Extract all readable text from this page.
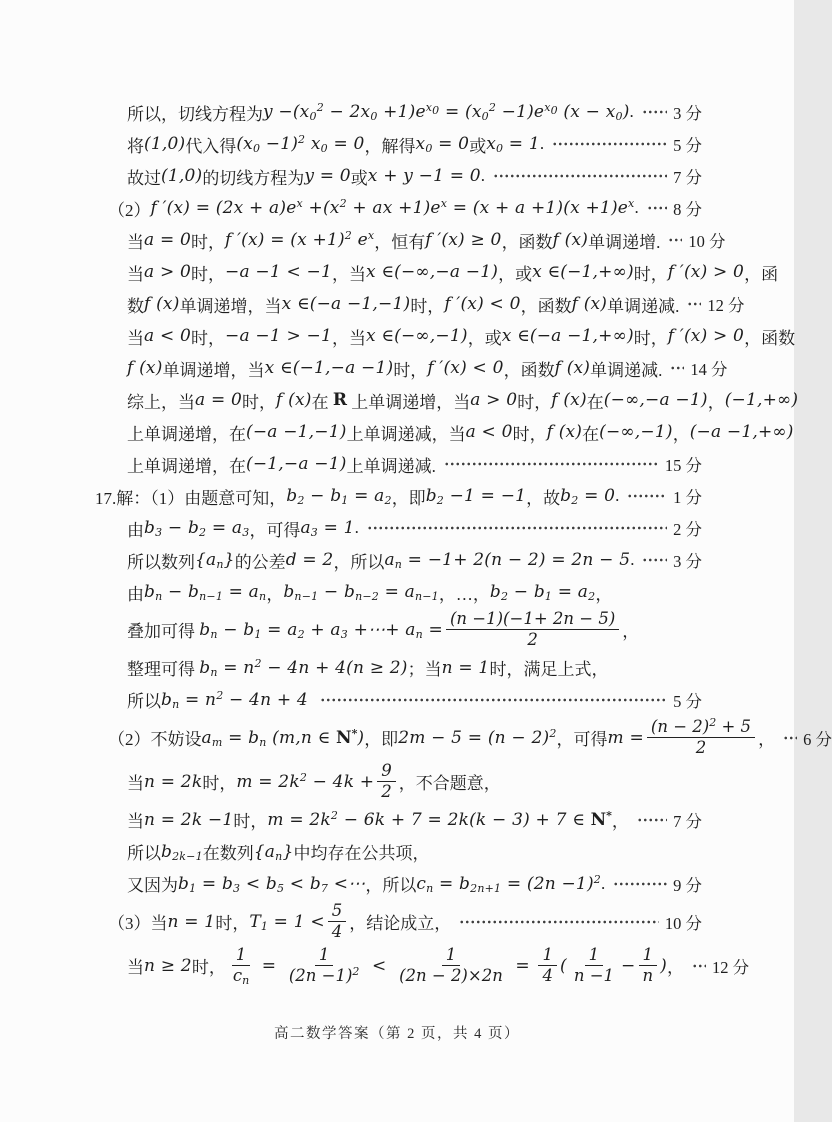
所以，切线方程为 $y -(x_0^2 - 2x_0 +1)e^{x_0} = (x_0^2 -1)e^{x_0}$ $(x - x_0)$ . 3 分
将 (1,0) 代入得 $(x_0 -1)^2$ $x_0 = 0$ ，解得 $x_0 = 0$ 或 $x_0 = 1$ .	5 分
故过 (1,0) 的切线方程为 y = 0 或 x + y −1 = 0 .	7 分
（2） f $'(x) = (2x + a)e^x +(x^2$ + ax $+1)e^x = (x + a +1)(x +1)e^x$ . 8 分
当 a = 0 时， f $'(x) = (x +1)^2$ $e^x$ ，恒有 f ′(x) ≥ 0 ，函数 f (x) 单调递增. 10 分
当 a > 0 时， −a −1 < −1 ，当 x ∈(−∞,−a −1) ，或 x ∈(−1,+∞) 时， f ′(x) > 0 ，函
数 f (x) 单调递增，当 x ∈(−a −1,−1) 时， f ′(x) < 0 ，函数 f (x) 单调递减. 12 分
当 a < 0 时， −a −1 > −1 ，当 x ∈(−∞,−1) ，或 x ∈(−a −1,+∞) 时， f ′(x) > 0 ，函数
f (x) 单调递增，当 x ∈(−1,−a −1) 时， f ′(x) < 0 ，函数 f (x) 单调递减. 14 分
综上，当 a = 0 时， f (x) 在 R 上单调递增，当 a > 0 时， f (x) 在 (−∞,−a −1) ， (−1,+∞)
上单调递增，在 (−a −1,−1) 上单调递减，当 a < 0 时， f (x) 在 (−∞,−1) ， (−a −1,+∞)
上单调递增，在 (−1,−a −1) 上单调递减.	15 分
17.解：（1）由题意可知， $b_2 - b_1 = a_2$ ，即 $b_2 -1 = -1$ ，故 $b_2 = 0$ .	1 分
由 $b_3 - b_2 = a_3$ ，可得 $a_3 = 1$ .	2 分
所以数列 $\{a_n\}$ 的公差 d = 2 ，所以 $a_n = -1+ 2(n - 2) = 2n - 5$ . 3 分
由 $b_n - b_{n-1} = a_n$ ， $b_{n-1} - b_{n-2} = a_{n-1}$ ，…， $b_2 - b_1 = a_2$ ，
叠加可得 $b_n - b_1 = a_2 + a_3$ +⋯+ $a_n = \frac{(n -1)(-1+ 2n - 5)}{2}$ ，
整理可得 $b_n = n^2 - 4n + 4(n \ge 2)$ ；当 n = 1 时，满足上式，
所以 $b_n = n^2 - 4n + 4$
	5 分
（2）不妨设 $a_m = b_n$ (m,n ∈ N* ) ，即 $2m - 5 = (n - 2)^2$ ，可得 $m = \frac{(n - 2)^2 + 5}{2}$ ， 6 分
当 n = 2k 时， $m = 2k^2 - 4k + \frac{9}{2}$ ，不合题意，
当 n = 2k −1 时， $m = 2k^2 - 6k + 7 = 2k(k - 3) + 7$ ∈ N* ，	7 分
所以 $b_{2k-1}$ 在数列 $\{a_n\}$ 中均存在公共项，
又因为 $b_1 = b_3 < b_5 < b_7$ <⋯ ，所以 $c_n = b_{2n+1} = (2n -1)^2$ .	9 分
（3）当 n = 1 时， $T_1 = 1 < \frac{5}{4}$ ，结论成立，	10 分
当 n ≥ 2 时， $\frac{1}{c_n} = \frac{1}{(2n -1)^2} < \frac{1}{(2n - 2)\times 2n} = \frac{1}{4}$ ( $\frac{1}{n -1} - \frac{1}{n}$ ) ， 12 分
高二数学答案（第 2 页，共 4 页）
